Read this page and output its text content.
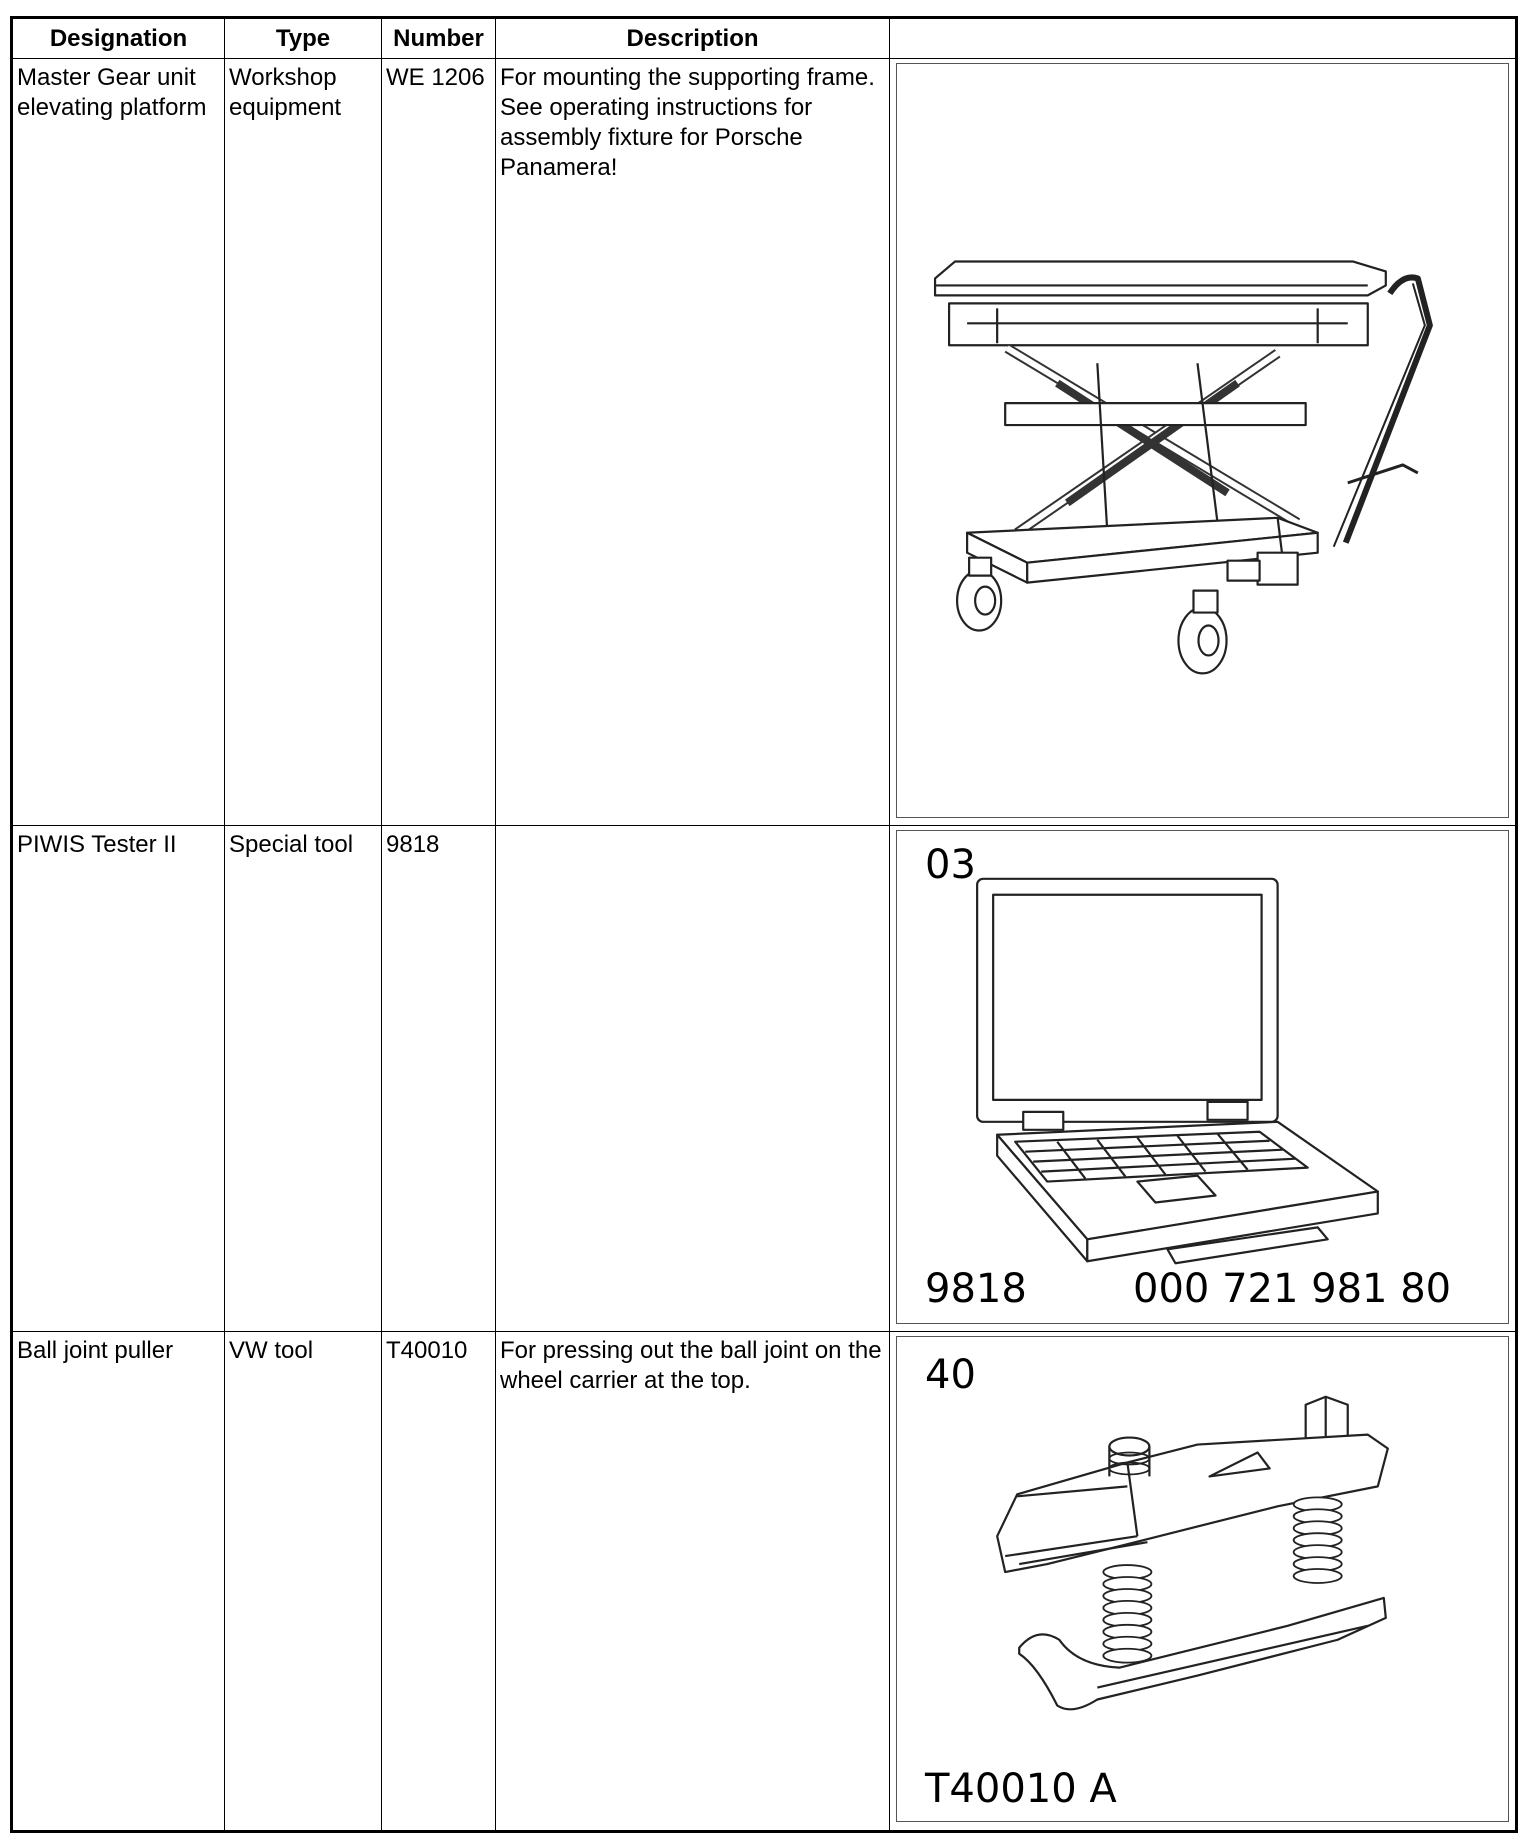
Designation	Type	Number	Description	
Master Gear unit elevating platform	Workshop equipment	WE 1206	For mounting the supporting frame. See operating instructions for assembly fixture for Porsche Panamera!	

PIWIS Tester II	Special tool	9818		03
9818 000 721 981 80

Ball joint puller	VW tool	T40010	For pressing out the ball joint on the wheel carrier at the top.	40
T40010 A
